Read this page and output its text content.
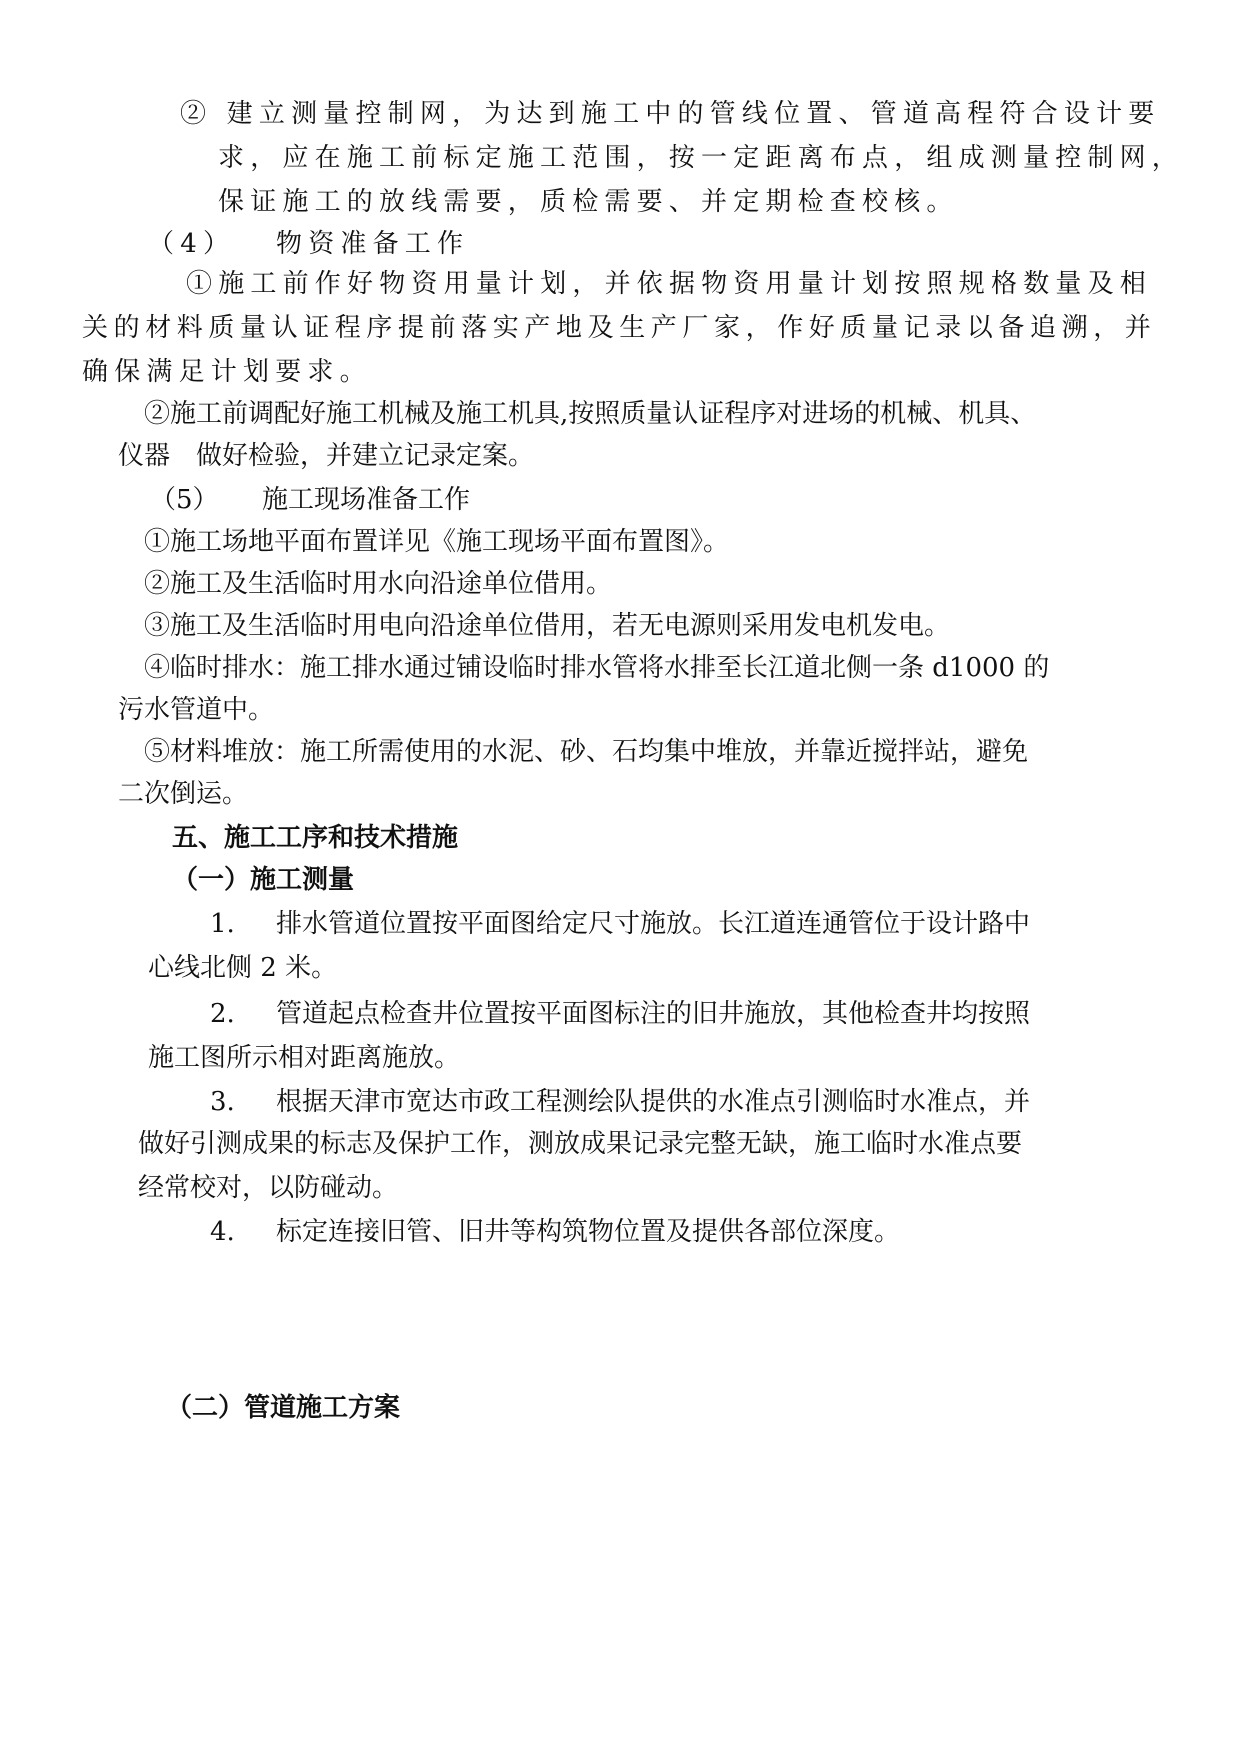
② 建立测量控制网，为达到施工中的管线位置、管道高程符合设计要
求，应在施工前标定施工范围，按一定距离布点，组成测量控制网，
保证施工的放线需要，质检需要、并定期检查校核。
（4） 物资准备工作
①施工前作好物资用量计划，并依据物资用量计划按照规格数量及相
关的材料质量认证程序提前落实产地及生产厂家，作好质量记录以备追溯，并
确保满足计划要求。
②施工前调配好施工机械及施工机具,按照质量认证程序对进场的机械、机具、
仪器　做好检验，并建立记录定案。
（5） 施工现场准备工作
①施工场地平面布置详见《施工现场平面布置图》。
②施工及生活临时用水向沿途单位借用。
③施工及生活临时用电向沿途单位借用，若无电源则采用发电机发电。
④临时排水：施工排水通过铺设临时排水管将水排至长江道北侧一条 d1000 的
污水管道中。
⑤材料堆放：施工所需使用的水泥、砂、石均集中堆放，并靠近搅拌站，避免
二次倒运。
五、施工工序和技术措施
（一）施工测量
1. 排水管道位置按平面图给定尺寸施放。长江道连通管位于设计路中
心线北侧 2 米。
2. 管道起点检查井位置按平面图标注的旧井施放，其他检查井均按照
施工图所示相对距离施放。
3. 根据天津市宽达市政工程测绘队提供的水准点引测临时水准点，并
做好引测成果的标志及保护工作，测放成果记录完整无缺，施工临时水准点要
经常校对，以防碰动。
4. 标定连接旧管、旧井等构筑物位置及提供各部位深度。
（二）管道施工方案
